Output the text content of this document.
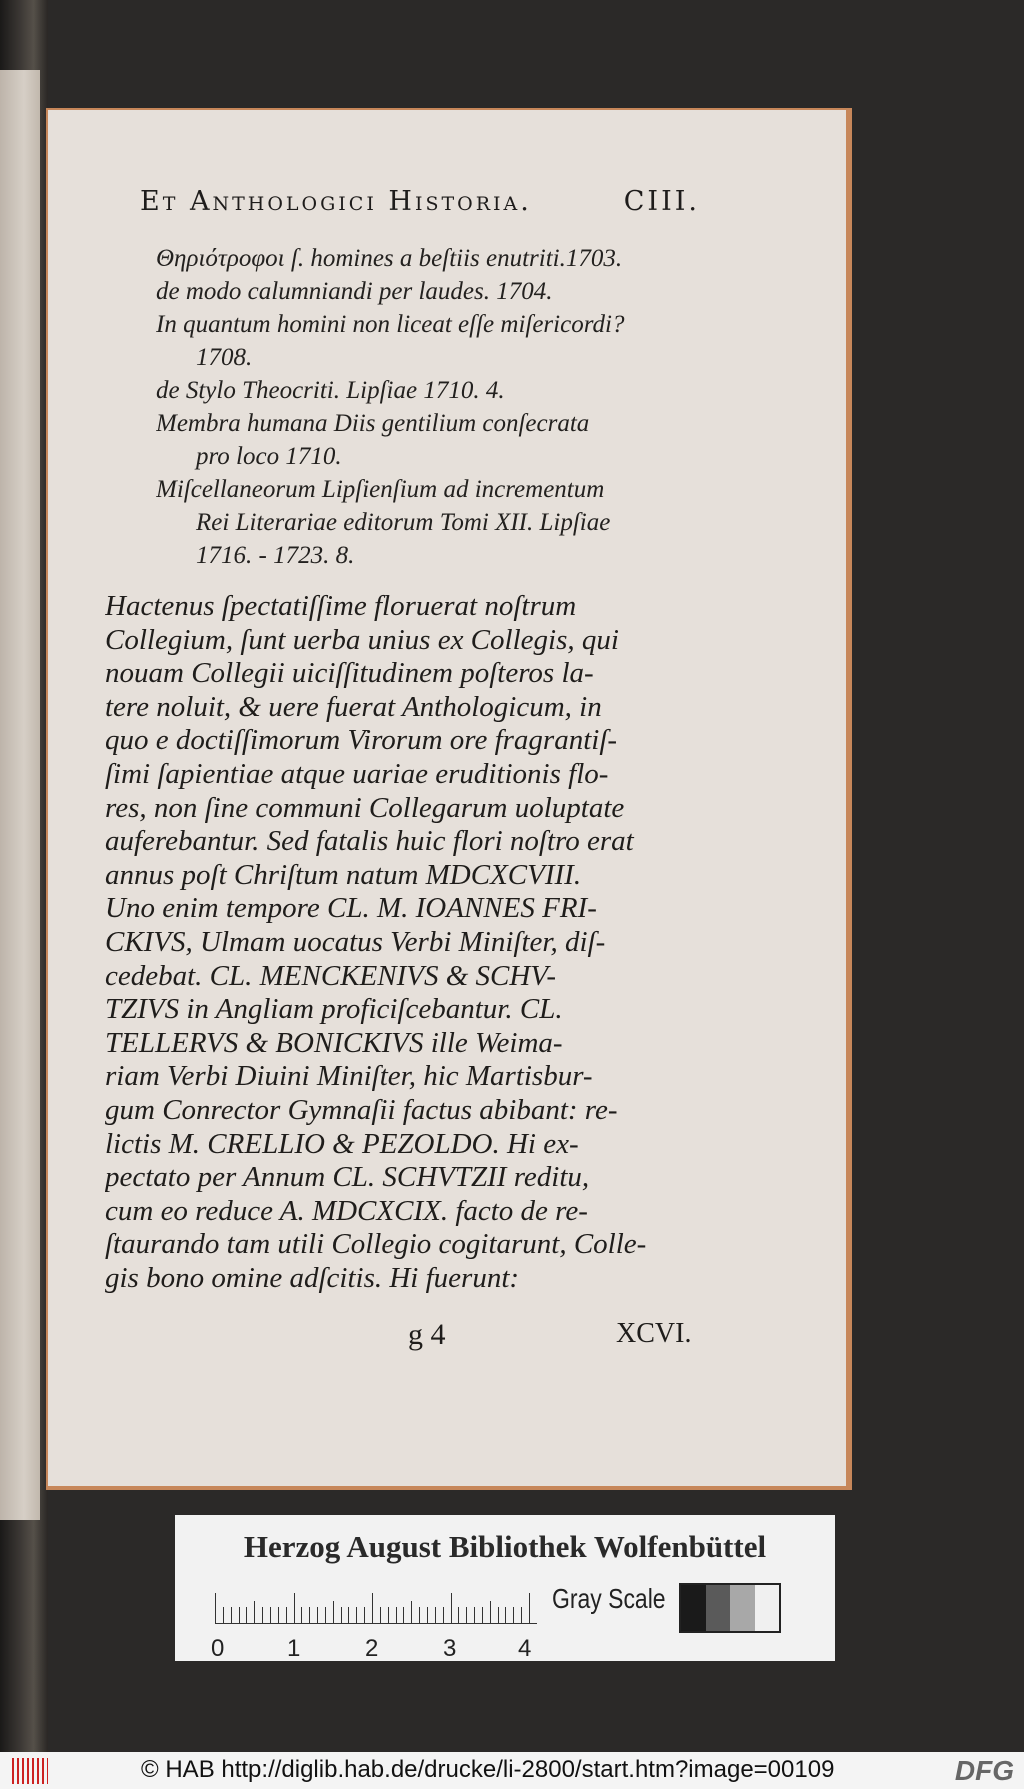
Et Anthologici Historia.	CIII.
Θηριότροφοι ſ. homines a beſtiis enutriti.1703.
de modo calumniandi per laudes. 1704.
In quantum homini non liceat eſſe miſericordi?
1708.
de Stylo Theocriti. Lipſiae 1710. 4.
Membra humana Diis gentilium conſecrata
pro loco 1710.
Miſcellaneorum Lipſienſium ad incrementum
Rei Literariae editorum Tomi XII. Lipſiae
1716. - 1723. 8.
Hactenus ſpectatiſſime floruerat noſtrum
Collegium, ſunt uerba unius ex Collegis, qui
nouam Collegii uiciſſitudinem poſteros la-
tere noluit, & uere fuerat Anthologicum, in
quo e doctiſſimorum Virorum ore fragrantiſ-
ſimi ſapientiae atque uariae eruditionis flo-
res, non ſine communi Collegarum uoluptate
auferebantur. Sed fatalis huic flori noſtro erat
annus poſt Chriſtum natum MDCXCVIII.
Uno enim tempore CL. M. IOANNES FRI-
CKIVS, Ulmam uocatus Verbi Miniſter, diſ-
cedebat. CL. MENCKENIVS & SCHV-
TZIVS in Angliam proficiſcebantur. CL.
TELLERVS & BONICKIVS ille Weima-
riam Verbi Diuini Miniſter, hic Martisbur-
gum Conrector Gymnaſii factus abibant: re-
lictis M. CRELLIO & PEZOLDO. Hi ex-
pectato per Annum CL. SCHVTZII reditu,
cum eo reduce A. MDCXCIX. facto de re-
ſtaurando tam utili Collegio cogitarunt, Colle-
gis bono omine adſcitis. Hi fuerunt:
g 4	XCVI.
Herzog August Bibliothek Wolfenbüttel
0	1	2	3	4
Gray Scale
© HAB http://diglib.hab.de/drucke/li-2800/start.htm?image=00109	DFG
